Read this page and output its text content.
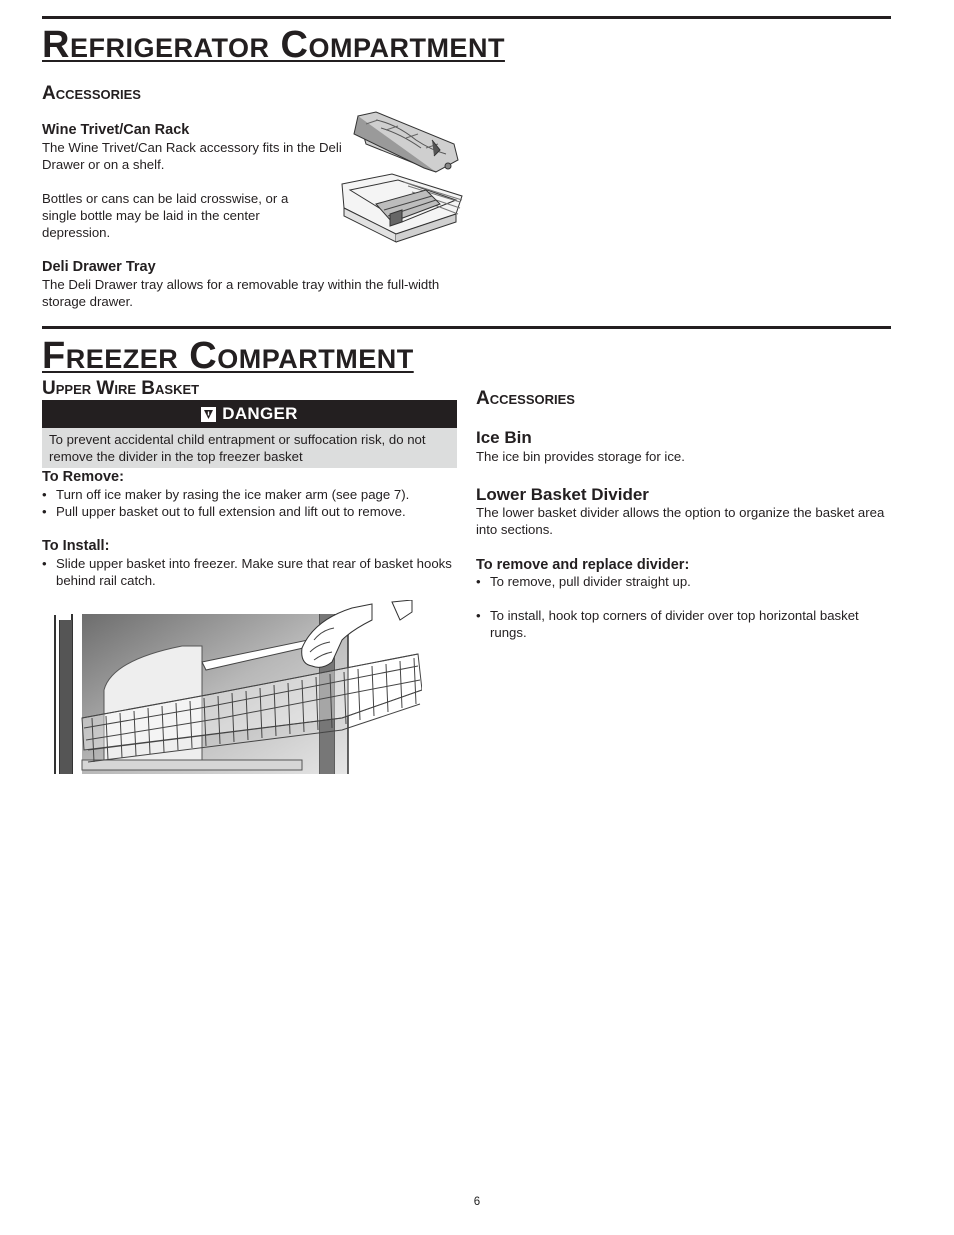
Refrigerator Compartment
Accessories
Wine Trivet/Can Rack

The Wine Trivet/Can Rack accessory fits in the Deli Drawer or on a shelf.

Bottles or cans can be laid crosswise, or a single bottle may be laid in the center depression.

Deli Drawer Tray

The Deli Drawer tray allows for a removable tray within the full-width storage drawer.

Freezer Compartment
Upper Wire Basket
DANGER

To prevent accidental child entrapment or suffocation risk, do not remove the divider in the top freezer basket

To Remove:
• Turn off ice maker by rasing the ice maker arm (see page 7).
• Pull upper basket out to full extension and lift out to remove.
To Install:
• Slide upper basket into freezer. Make sure that rear of basket hooks behind rail catch.
Accessories
Ice Bin

The ice bin provides storage for ice.

Lower Basket Divider

The lower basket divider allows the option to organize the basket area into sections.

To remove and replace divider:
• To remove, pull divider straight up.
• To install, hook top corners of divider over top horizontal basket rungs.
6
